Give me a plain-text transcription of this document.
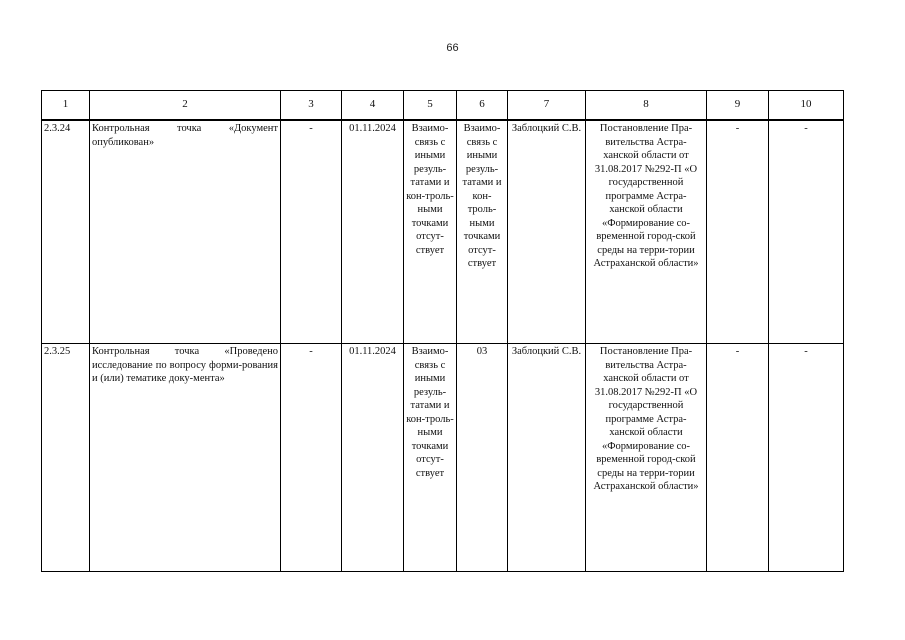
66
1	2	3	4	5	6	7	8	9	10
2.3.24	Контрольная точка «Документ опубликован»	-	01.11.2024	Взаимо-связь с иными резуль-татами и кон-троль-ными точками отсут-ствует	Взаимо-связь с иными резуль-татами и кон-троль-ными точками отсут-ствует	Заблоцкий С.В.	Постановление Пра-вительства Астра-ханской области от 31.08.2017 №292-П «О государственной программе Астра-ханской области «Формирование со-временной город-ской среды на терри-тории Астраханской области»	-	-
2.3.25	Контрольная точка «Проведено исследование по вопросу форми-рования и (или) тематике доку-мента»	-	01.11.2024	Взаимо-связь с иными резуль-татами и кон-троль-ными точками отсут-ствует	03	Заблоцкий С.В.	Постановление Пра-вительства Астра-ханской области от 31.08.2017 №292-П «О государственной программе Астра-ханской области «Формирование со-временной город-ской среды на терри-тории Астраханской области»	-	-
